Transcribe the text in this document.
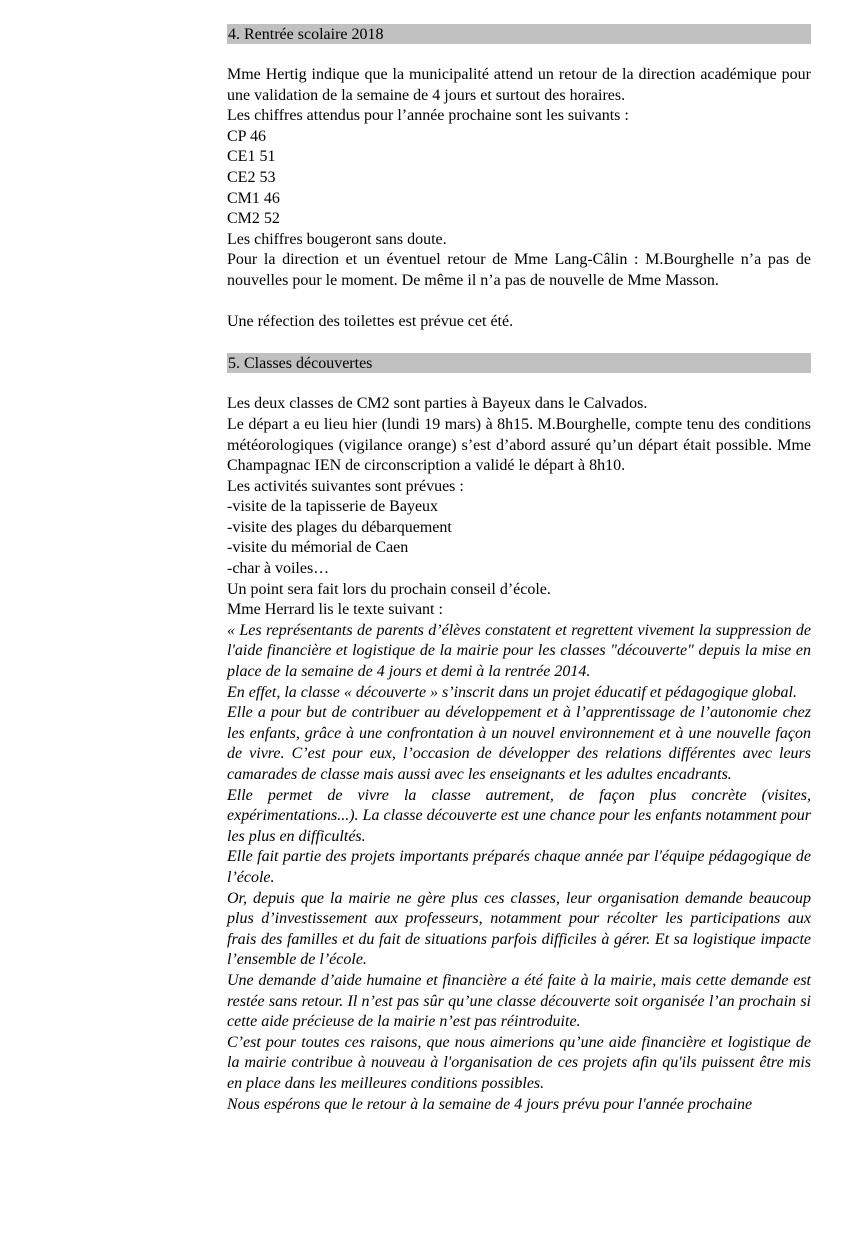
4. Rentrée scolaire 2018

Mme Hertig indique que la municipalité attend un retour de la direction académique pour une validation de la semaine de 4 jours et surtout des horaires.

Les chiffres attendus pour l’année prochaine sont les suivants :

CP 46
CE1 51
CE2 53
CM1 46
CM2 52

Les chiffres bougeront sans doute.

Pour la direction et un éventuel retour de Mme Lang-Câlin : M.Bourghelle n’a pas de nouvelles pour le moment. De même il n’a pas de nouvelle de Mme Masson.

Une réfection des toilettes est prévue cet été.

5. Classes découvertes

Les deux classes de CM2 sont parties à Bayeux dans le Calvados.

Le départ a eu lieu hier (lundi 19 mars) à 8h15. M.Bourghelle, compte tenu des conditions météorologiques (vigilance orange) s’est d’abord assuré qu’un départ était possible. Mme Champagnac IEN de circonscription a validé le départ à 8h10.

Les activités suivantes sont prévues :

-visite de la tapisserie de Bayeux
-visite des plages du débarquement
-visite du mémorial de Caen
-char à voiles…

Un point sera fait lors du prochain conseil d’école.

Mme Herrard lis le texte suivant :

« Les représentants de parents d’élèves constatent et regrettent vivement la suppression de l'aide financière et logistique de la mairie pour les classes "découverte" depuis la mise en place de la semaine de 4 jours et demi à la rentrée 2014.

En effet, la classe « découverte » s’inscrit dans un projet éducatif et pédagogique global.

Elle a pour but de contribuer au développement et à l’apprentissage de l’autonomie chez les enfants, grâce à une confrontation à un nouvel environnement et à une nouvelle façon de vivre. C’est pour eux, l’occasion de développer des relations différentes avec leurs camarades de classe mais aussi avec les enseignants et les adultes encadrants.

Elle permet de vivre la classe autrement, de façon plus concrète (visites, expérimentations...). La classe découverte est une chance pour les enfants notamment pour les plus en difficultés.

Elle fait partie des projets importants préparés chaque année par l'équipe pédagogique de l’école.

Or, depuis que la mairie ne gère plus ces classes, leur organisation demande beaucoup plus d’investissement aux professeurs, notamment pour récolter les participations aux frais des familles et du fait de situations parfois difficiles à gérer. Et sa logistique impacte l’ensemble de l’école.

Une demande d’aide humaine et financière a été faite à la mairie, mais cette demande est restée sans retour. Il n’est pas sûr qu’une classe découverte soit organisée l’an prochain si cette aide précieuse de la mairie n’est pas réintroduite.

C’est pour toutes ces raisons, que nous aimerions qu’une aide financière et logistique de la mairie contribue à nouveau à l'organisation de ces projets afin qu'ils puissent être mis en place dans les meilleures conditions possibles.

Nous espérons que le retour à la semaine de 4 jours prévu pour l'année prochaine
